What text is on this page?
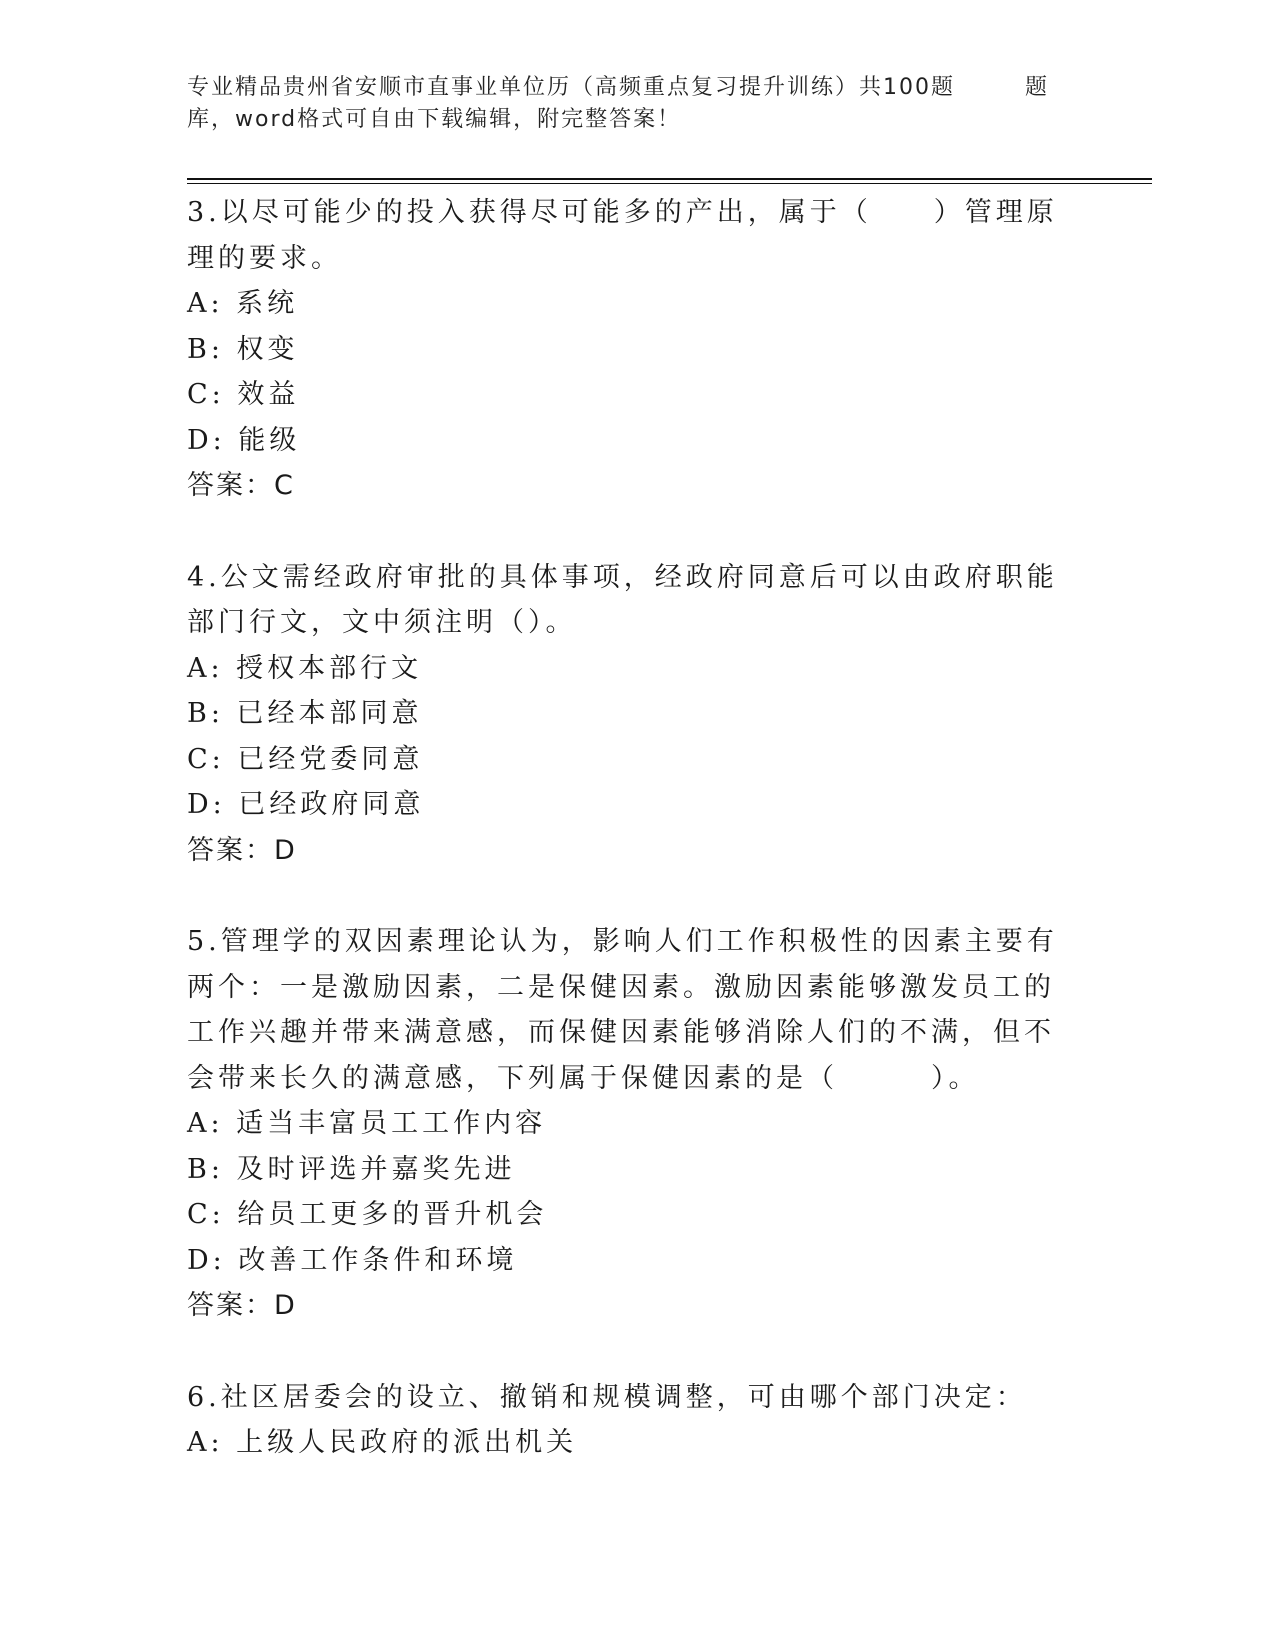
专业精品贵州省安顺市直事业单位历（高频重点复习提升训练）共100题	题
库，word格式可自由下载编辑，附完整答案！
3.以尽可能少的投入获得尽可能多的产出，属于（　　）管理原理的要求。
A: 系统
B: 权变
C: 效益
D: 能级
答案：C
4.公文需经政府审批的具体事项，经政府同意后可以由政府职能部门行文，文中须注明（）。
A: 授权本部行文
B: 已经本部同意
C: 已经党委同意
D: 已经政府同意
答案：D
5.管理学的双因素理论认为，影响人们工作积极性的因素主要有两个：一是激励因素，二是保健因素。激励因素能够激发员工的工作兴趣并带来满意感，而保健因素能够消除人们的不满，但不会带来长久的满意感，下列属于保健因素的是（　　　）。
A: 适当丰富员工工作内容
B: 及时评选并嘉奖先进
C: 给员工更多的晋升机会
D: 改善工作条件和环境
答案：D
6.社区居委会的设立、撤销和规模调整，可由哪个部门决定：
A: 上级人民政府的派出机关
